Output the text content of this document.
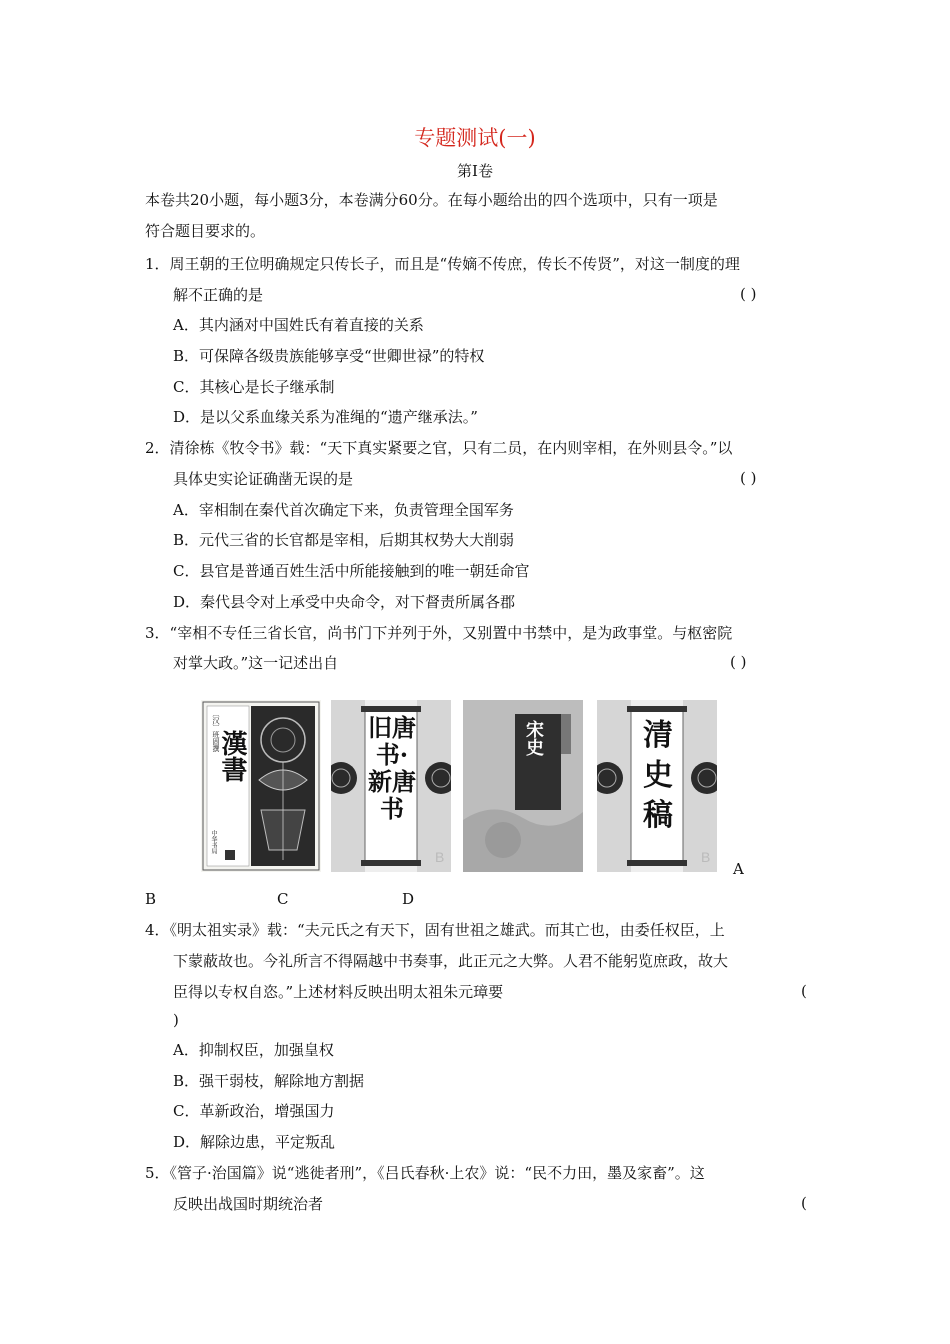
专题测试(一)
第Ⅰ卷
本卷共20小题，每小题3分，本卷满分60分。在每小题给出的四个选项中，只有一项是
符合题目要求的。
1．周王朝的王位明确规定只传长子，而且是“传嫡不传庶，传长不传贤”，对这一制度的理
解不正确的是	( )
A．其内涵对中国姓氏有着直接的关系
B．可保障各级贵族能够享受“世卿世禄”的特权
C．其核心是长子继承制
D．是以父系血缘关系为准绳的“遗产继承法。”
2．清徐栋《牧令书》载：“天下真实紧要之官，只有二员，在内则宰相，在外则县令。”以
具体史实论证确凿无误的是	( )
A．宰相制在秦代首次确定下来，负责管理全国军务
B．元代三省的长官都是宰相，后期其权势大大削弱
C．县官是普通百姓生活中所能接触到的唯一朝廷命官
D．秦代县令对上承受中央命令，对下督责所属各郡
3．“宰相不专任三省长官，尚书门下并列于外，又别置中书禁中，是为政事堂。与枢密院
对掌大政。”这一记述出自	( )
〔汉〕班固撰
漢書
中华书局
B
旧唐书·新唐书
宋史
B
清史稿
A
B	C	D
4．《明太祖实录》载：“夫元氏之有天下，固有世祖之雄武。而其亡也，由委任权臣，上
下蒙蔽故也。今礼所言不得隔越中书奏事，此正元之大弊。人君不能躬览庶政，故大
臣得以专权自恣。”上述材料反映出明太祖朱元璋要	(
)
A．抑制权臣，加强皇权
B．强干弱枝，解除地方割据
C．革新政治，增强国力
D．解除边患，平定叛乱
5．《管子·治国篇》说“逃徙者刑”，《吕氏春秋·上农》说：“民不力田，墨及家畜”。这
反映出战国时期统治者	(
